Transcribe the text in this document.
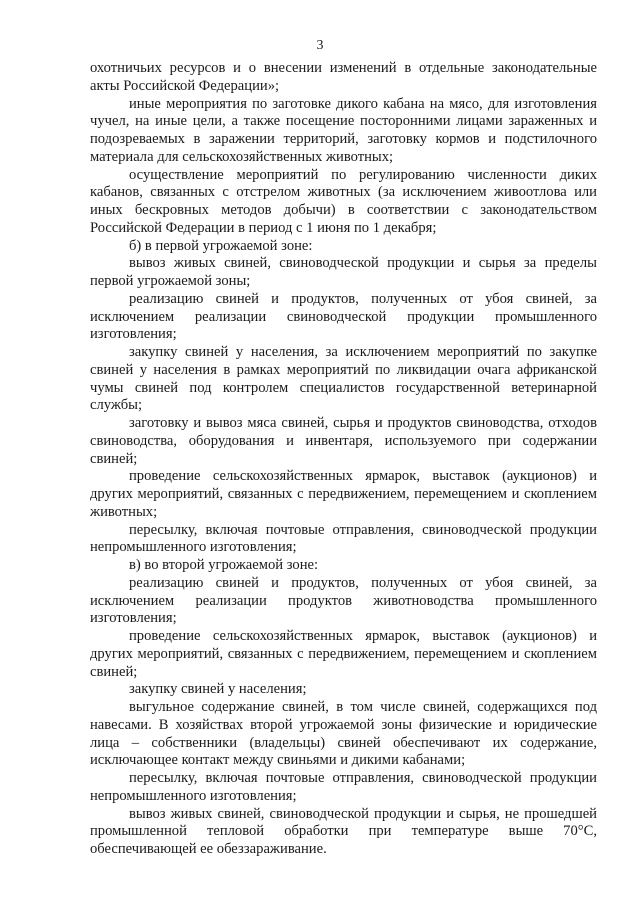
3

охотничьих ресурсов и о внесении изменений в отдельные законодательные акты Российской Федерации»;

иные мероприятия по заготовке дикого кабана на мясо, для изготовления чучел, на иные цели, а также посещение посторонними лицами зараженных и подозреваемых в заражении территорий, заготовку кормов и подстилочного материала для сельскохозяйственных животных;

осуществление мероприятий по регулированию численности диких кабанов, связанных с отстрелом животных (за исключением живоотлова или иных бескровных методов добычи) в соответствии с законодательством Российской Федерации в период с 1 июня по 1 декабря;

б) в первой угрожаемой зоне:

вывоз живых свиней, свиноводческой продукции и сырья за пределы первой угрожаемой зоны;

реализацию свиней и продуктов, полученных от убоя свиней, за исключением реализации свиноводческой продукции промышленного изготовления;

закупку свиней у населения, за исключением мероприятий по закупке свиней у населения в рамках мероприятий по ликвидации очага африканской чумы свиней под контролем специалистов государственной ветеринарной службы;

заготовку и вывоз мяса свиней, сырья и продуктов свиноводства, отходов свиноводства, оборудования и инвентаря, используемого при содержании свиней;

проведение сельскохозяйственных ярмарок, выставок (аукционов) и других мероприятий, связанных с передвижением, перемещением и скоплением животных;

пересылку, включая почтовые отправления, свиноводческой продукции непромышленного изготовления;

в) во второй угрожаемой зоне:

реализацию свиней и продуктов, полученных от убоя свиней, за исключением реализации продуктов животноводства промышленного изготовления;

проведение сельскохозяйственных ярмарок, выставок (аукционов) и других мероприятий, связанных с передвижением, перемещением и скоплением свиней;

закупку свиней у населения;

выгульное содержание свиней, в том числе свиней, содержащихся под навесами. В хозяйствах второй угрожаемой зоны физические и юридические лица – собственники (владельцы) свиней обеспечивают их содержание, исключающее контакт между свиньями и дикими кабанами;

пересылку, включая почтовые отправления, свиноводческой продукции непромышленного изготовления;

вывоз живых свиней, свиноводческой продукции и сырья, не прошедшей промышленной тепловой обработки при температуре выше 70°С, обеспечивающей ее обеззараживание.
